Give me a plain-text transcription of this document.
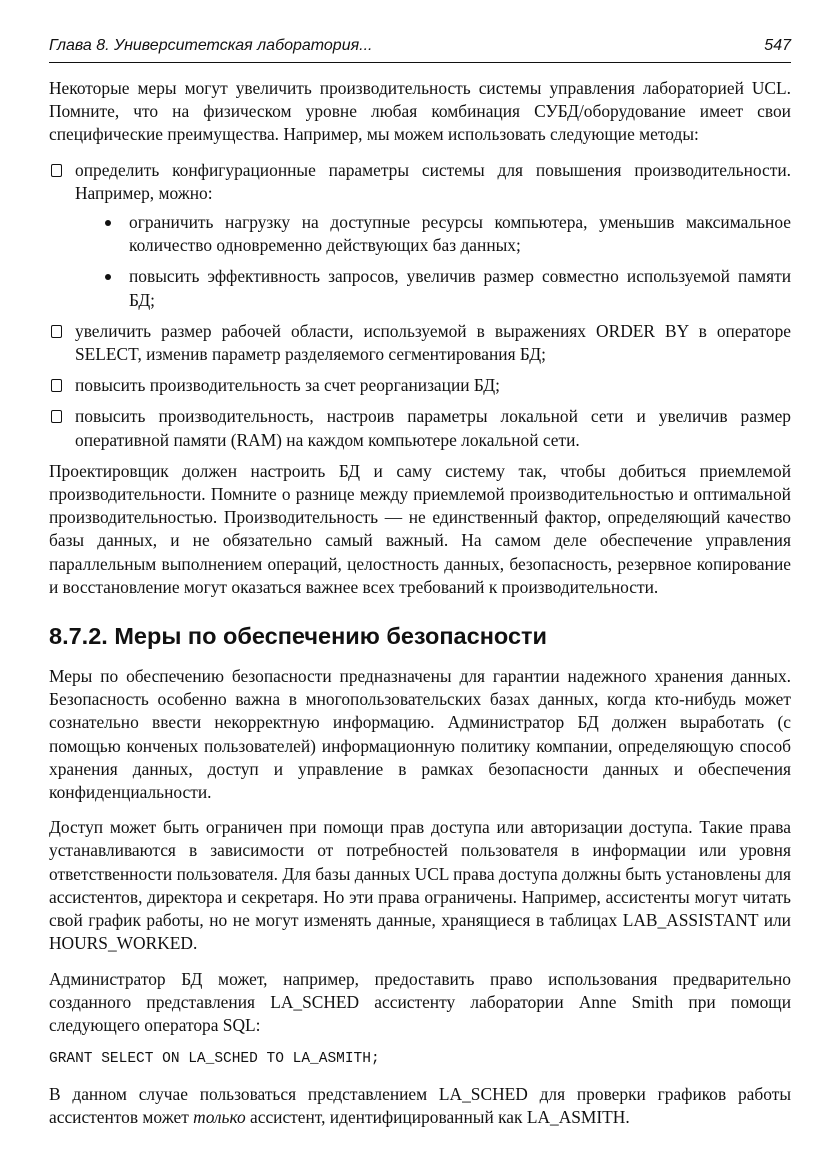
Глава 8. Университетская лаборатория...	547

Некоторые меры могут увеличить производительность системы управления лабораторией UCL. Помните, что на физическом уровне любая комбинация СУБД/оборудование имеет свои специфические преимущества. Например, мы можем использовать следующие методы:

определить конфигурационные параметры системы для повышения производительности. Например, можно:
ограничить нагрузку на доступные ресурсы компьютера, уменьшив максимальное количество одновременно действующих баз данных;
повысить эффективность запросов, увеличив размер совместно используемой памяти БД;
увеличить размер рабочей области, используемой в выражениях ORDER BY в операторе SELECT, изменив параметр разделяемого сегментирования БД;
повысить производительность за счет реорганизации БД;
повысить производительность, настроив параметры локальной сети и увеличив размер оперативной памяти (RAM) на каждом компьютере локальной сети.

Проектировщик должен настроить БД и саму систему так, чтобы добиться приемлемой производительности. Помните о разнице между приемлемой производительностью и оптимальной производительностью. Производительность — не единственный фактор, определяющий качество базы данных, и не обязательно самый важный. На самом деле обеспечение управления параллельным выполнением операций, целостность данных, безопасность, резервное копирование и восстановление могут оказаться важнее всех требований к производительности.

8.7.2. Меры по обеспечению безопасности

Меры по обеспечению безопасности предназначены для гарантии надежного хранения данных. Безопасность особенно важна в многопользовательских базах данных, когда кто-нибудь может сознательно ввести некорректную информацию. Администратор БД должен выработать (с помощью конченых пользователей) информационную политику компании, определяющую способ хранения данных, доступ и управление в рамках безопасности данных и обеспечения конфиденциальности.

Доступ может быть ограничен при помощи прав доступа или авторизации доступа. Такие права устанавливаются в зависимости от потребностей пользователя в информации или уровня ответственности пользователя. Для базы данных UCL права доступа должны быть установлены для ассистентов, директора и секретаря. Но эти права ограничены. Например, ассистенты могут читать свой график работы, но не могут изменять данные, хранящиеся в таблицах LAB_ASSISTANT или HOURS_WORKED.

Администратор БД может, например, предоставить право использования предварительно созданного представления LA_SCHED ассистенту лаборатории Anne Smith при помощи следующего оператора SQL:

GRANT SELECT ON LA_SCHED TO LA_ASMITH;

В данном случае пользоваться представлением LA_SCHED для проверки графиков работы ассистентов может только ассистент, идентифицированный как LA_ASMITH.
